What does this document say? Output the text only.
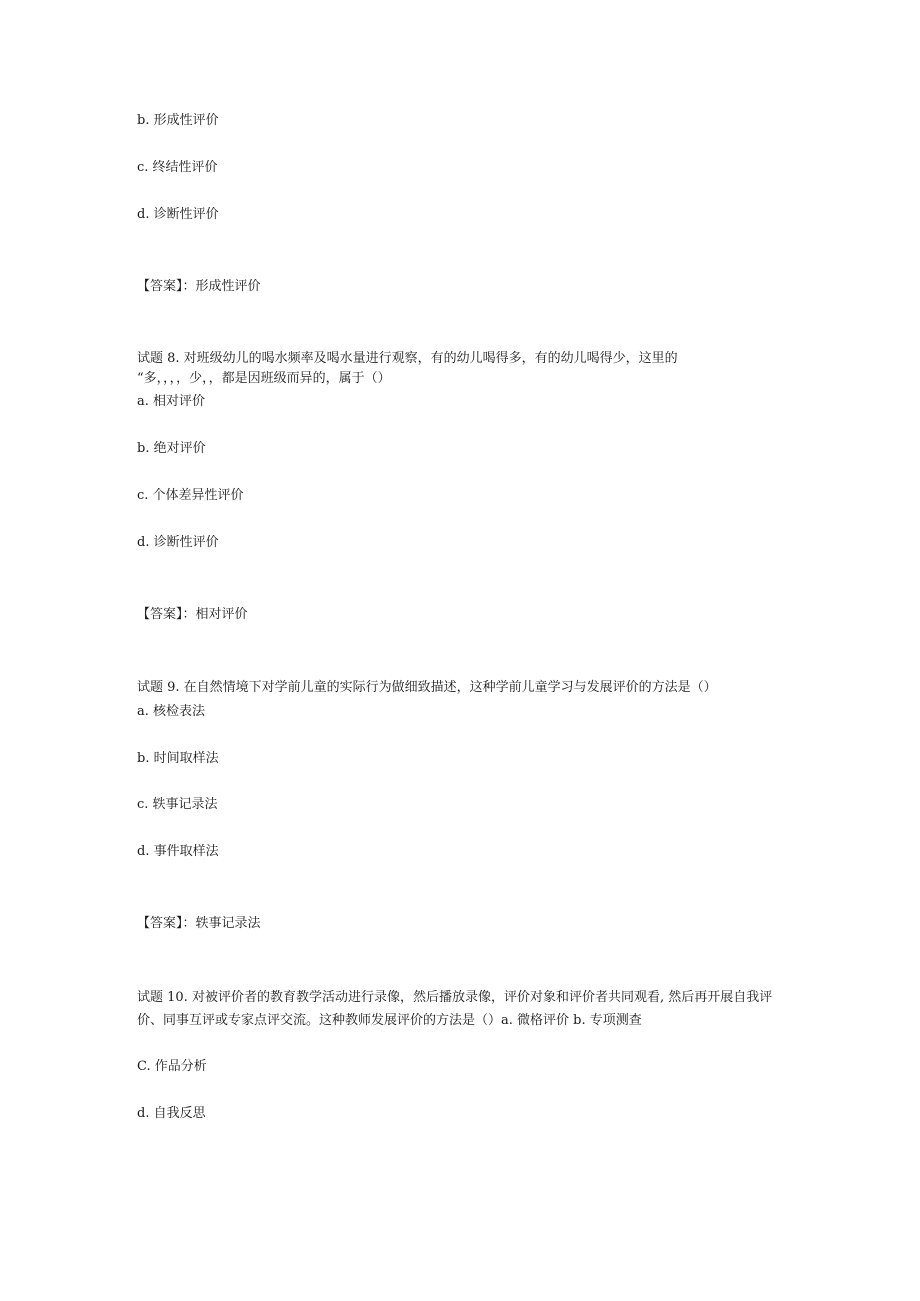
b. 形成性评价

c. 终结性评价

d. 诊断性评价

【答案】：形成性评价

试题 8. 对班级幼儿的喝水频率及喝水量进行观察，有的幼儿喝得多，有的幼儿喝得少，这里的

“多，，，，少，，都是因班级而异的，属于（）

a. 相对评价

b. 绝对评价

c. 个体差异性评价

d. 诊断性评价

【答案】：相对评价

试题 9. 在自然情境下对学前儿童的实际行为做细致描述，这种学前儿童学习与发展评价的方法是（）

a. 核检表法

b. 时间取样法

c. 轶事记录法

d. 事件取样法

【答案】：轶事记录法

试题 10. 对被评价者的教育教学活动进行录像，然后播放录像，评价对象和评价者共同观看, 然后再开展自我评价、同事互评或专家点评交流。这种教师发展评价的方法是（）a. 微格评价 b. 专项测查

C. 作品分析

d. 自我反思
